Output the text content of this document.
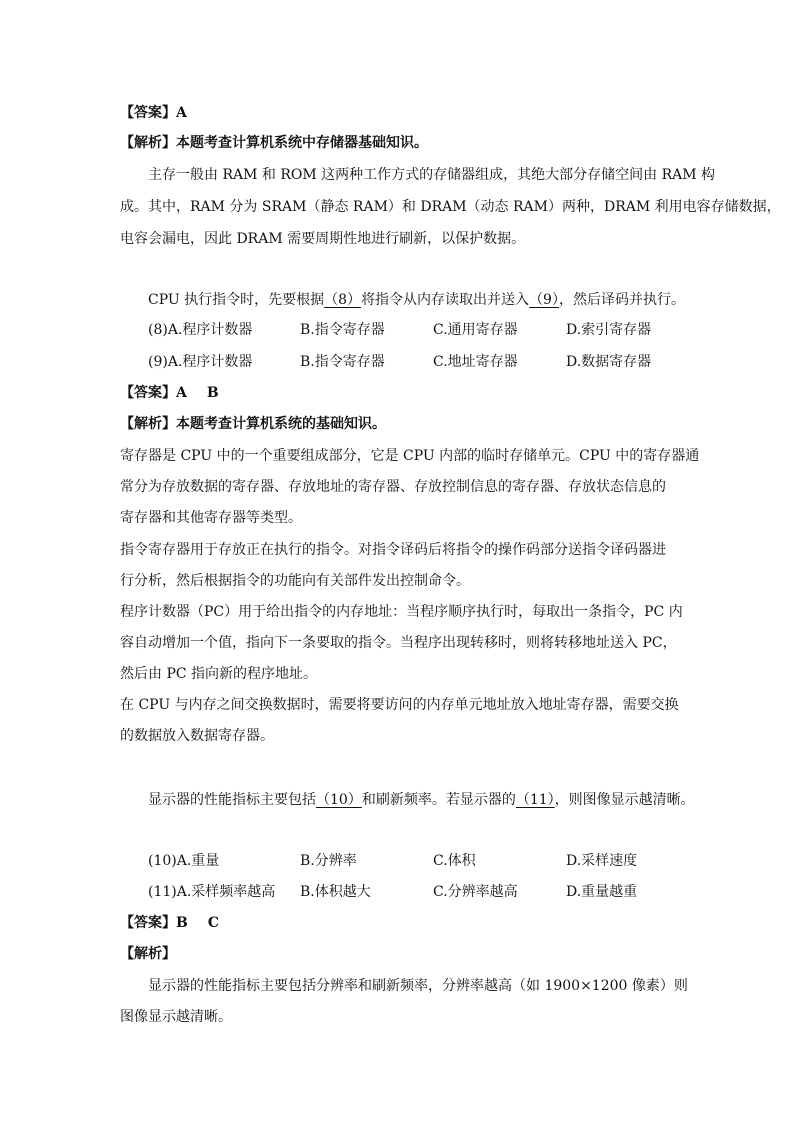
【答案】A
【解析】本题考查计算机系统中存储器基础知识。
主存一般由 RAM 和 ROM 这两种工作方式的存储器组成，其绝大部分存储空间由 RAM 构
成。其中，RAM 分为 SRAM（静态 RAM）和 DRAM（动态 RAM）两种，DRAM 利用电容存储数据，
电容会漏电，因此 DRAM 需要周期性地进行刷新，以保护数据。
CPU 执行指令时，先要根据（8）将指令从内存读取出并送入（9），然后译码并执行。
(8)A.程序计数器	B.指令寄存器	C.通用寄存器	D.索引寄存器
(9)A.程序计数器	B.指令寄存器	C.地址寄存器	D.数据寄存器
【答案】A B
【解析】本题考查计算机系统的基础知识。
寄存器是 CPU 中的一个重要组成部分，它是 CPU 内部的临时存储单元。CPU 中的寄存器通
常分为存放数据的寄存器、存放地址的寄存器、存放控制信息的寄存器、存放状态信息的
寄存器和其他寄存器等类型。
指令寄存器用于存放正在执行的指令。对指令译码后将指令的操作码部分送指令译码器进
行分析，然后根据指令的功能向有关部件发出控制命令。
程序计数器（PC）用于给出指令的内存地址：当程序顺序执行时，每取出一条指令，PC 内
容自动增加一个值，指向下一条要取的指令。当程序出现转移时，则将转移地址送入 PC，
然后由 PC 指向新的程序地址。
在 CPU 与内存之间交换数据时，需要将要访问的内存单元地址放入地址寄存器，需要交换
的数据放入数据寄存器。
显示器的性能指标主要包括（10）和刷新频率。若显示器的（11），则图像显示越清晰。
(10)A.重量	B.分辨率	C.体积	D.采样速度
(11)A.采样频率越高 B.体积越大	C.分辨率越高	D.重量越重
【答案】B C
【解析】
显示器的性能指标主要包括分辨率和刷新频率，分辨率越高（如 1900×1200 像素）则
图像显示越清晰。
